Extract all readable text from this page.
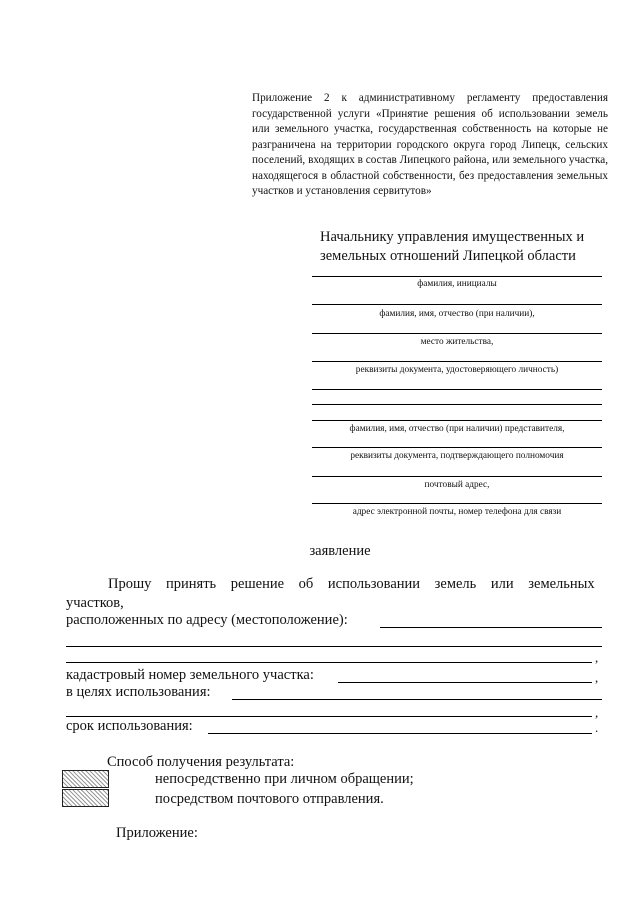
Приложение 2 к административному регламенту предоставления государственной услуги «Принятие решения об использовании земель или земельного участка, государственная собственность на которые не разграничена на территории городского округа город Липецк, сельских поселений, входящих в состав Липецкого района, или земельного участка, находящегося в областной собственности, без предоставления земельных участков и установления сервитутов»
Начальнику управления имущественных и
земельных отношений Липецкой области
фамилия, инициалы
фамилия, имя, отчество (при наличии),
место жительства,
реквизиты документа, удостоверяющего личность)
фамилия, имя, отчество (при наличии) представителя,
реквизиты документа, подтверждающего полномочия
почтовый адрес,
адрес электронной почты, номер телефона для связи
заявление
Прошу принять решение об использовании земель или земельных
участков,
расположенных по адресу (местоположение):
,
кадастровый номер земельного участка:	,
в целях использования:
,
срок использования:	.
Способ получения результата:
непосредственно при личном обращении;
посредством почтового отправления.
Приложение:
